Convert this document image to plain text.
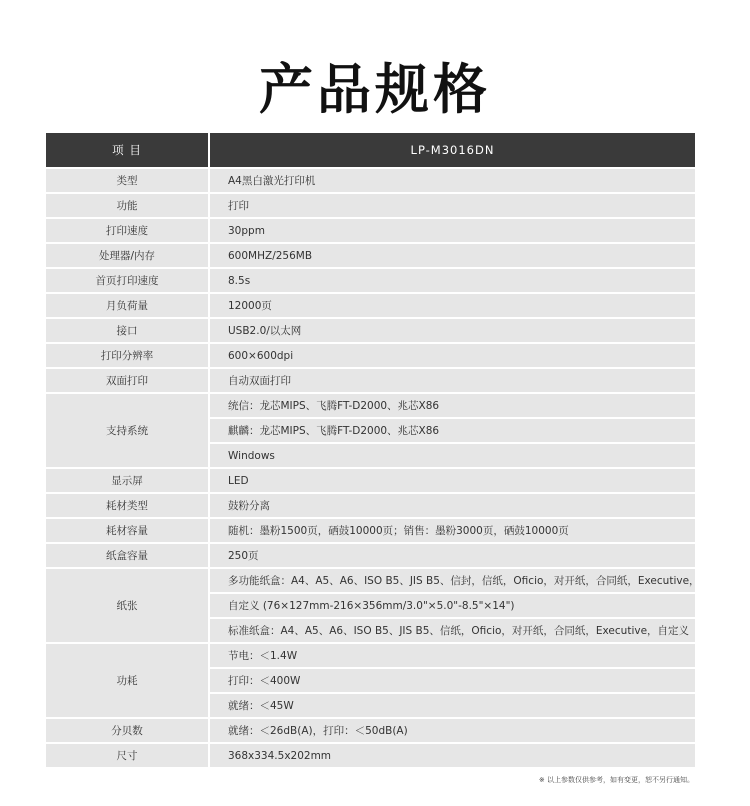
产品规格
项 目	LP-M3016DN
类型	A4黑白激光打印机
功能	打印
打印速度	30ppm
处理器/内存	600MHZ/256MB
首页打印速度	8.5s
月负荷量	12000页
接口	USB2.0/以太网
打印分辨率	600×600dpi
双面打印	自动双面打印
支持系统	统信：龙芯MIPS、飞腾FT-D2000、兆芯X86
	麒麟：龙芯MIPS、飞腾FT-D2000、兆芯X86
	Windows
显示屏	LED
耗材类型	鼓粉分离
耗材容量	随机：墨粉1500页，硒鼓10000页；销售：墨粉3000页，硒鼓10000页
纸盒容量	250页
纸张	多功能纸盒：A4、A5、A6、ISO B5、JIS B5、信封，信纸，Oficio，对开纸，合同纸，Executive，
	自定义 (76×127mm-216×356mm/3.0"×5.0"-8.5"×14")
	标准纸盒：A4、A5、A6、ISO B5、JIS B5、信纸，Oficio，对开纸，合同纸，Executive，自定义
功耗	节电：＜1.4W
	打印：＜400W
	就绪：＜45W
分贝数	就绪：＜26dB(A)，打印：＜50dB(A)
尺寸	368x334.5x202mm
※ 以上参数仅供参考，如有变更，恕不另行通知。
